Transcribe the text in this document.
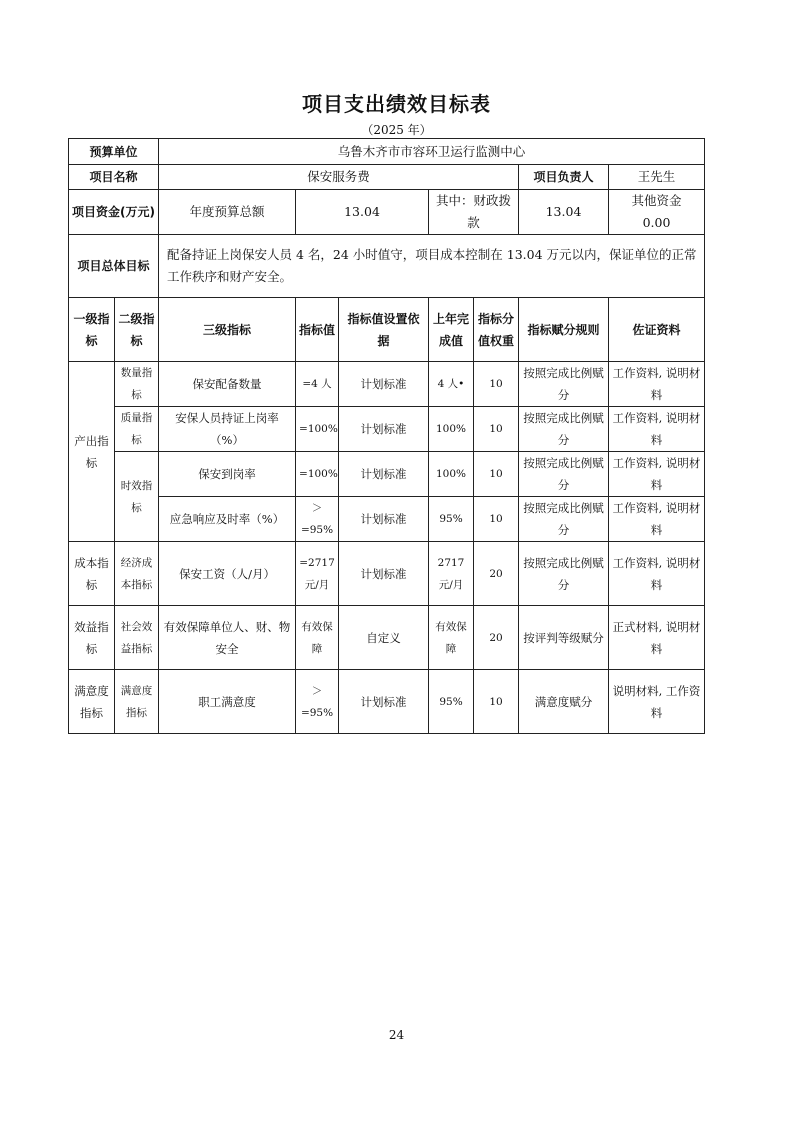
项目支出绩效目标表
（2025 年）
预算单位		乌鲁木齐市市容环卫运行监测中心						
项目名称		保安服务费					项目负责人	王先生
项目资金(万元)		年度预算总额	13.04		其中：财政拨款		13.04	其他资金 0.00
项目总体目标		配备持证上岗保安人员 4 名，24 小时值守，项目成本控制在 13.04 万元以内，保证单位的正常工作秩序和财产安全。						
一级指标	二级指标	三级指标	指标值	指标值设置依据	上年完成值	指标分值权重	指标赋分规则	佐证资料
产出指标	数量指标	保安配备数量	=4 人	计划标准	4 人•	10	按照完成比例赋分	工作资料, 说明材料
	质量指标	安保人员持证上岗率（%）	=100%	计划标准	100%	10	按照完成比例赋分	工作资料, 说明材料
	时效指标	保安到岗率	=100%	计划标准	100%	10	按照完成比例赋分	工作资料, 说明材料
		应急响应及时率（%）	＞=95%	计划标准	95%	10	按照完成比例赋分	工作资料, 说明材料
成本指标	经济成本指标	保安工资（人/月）	=2717元/月	计划标准	2717元/月	20	按照完成比例赋分	工作资料, 说明材料
效益指标	社会效益指标	有效保障单位人、财、物安全	有效保障	自定义	有效保障	20	按评判等级赋分	正式材料, 说明材料
满意度指标	满意度指标	职工满意度	＞=95%	计划标准	95%	10	满意度赋分	说明材料, 工作资料
24
